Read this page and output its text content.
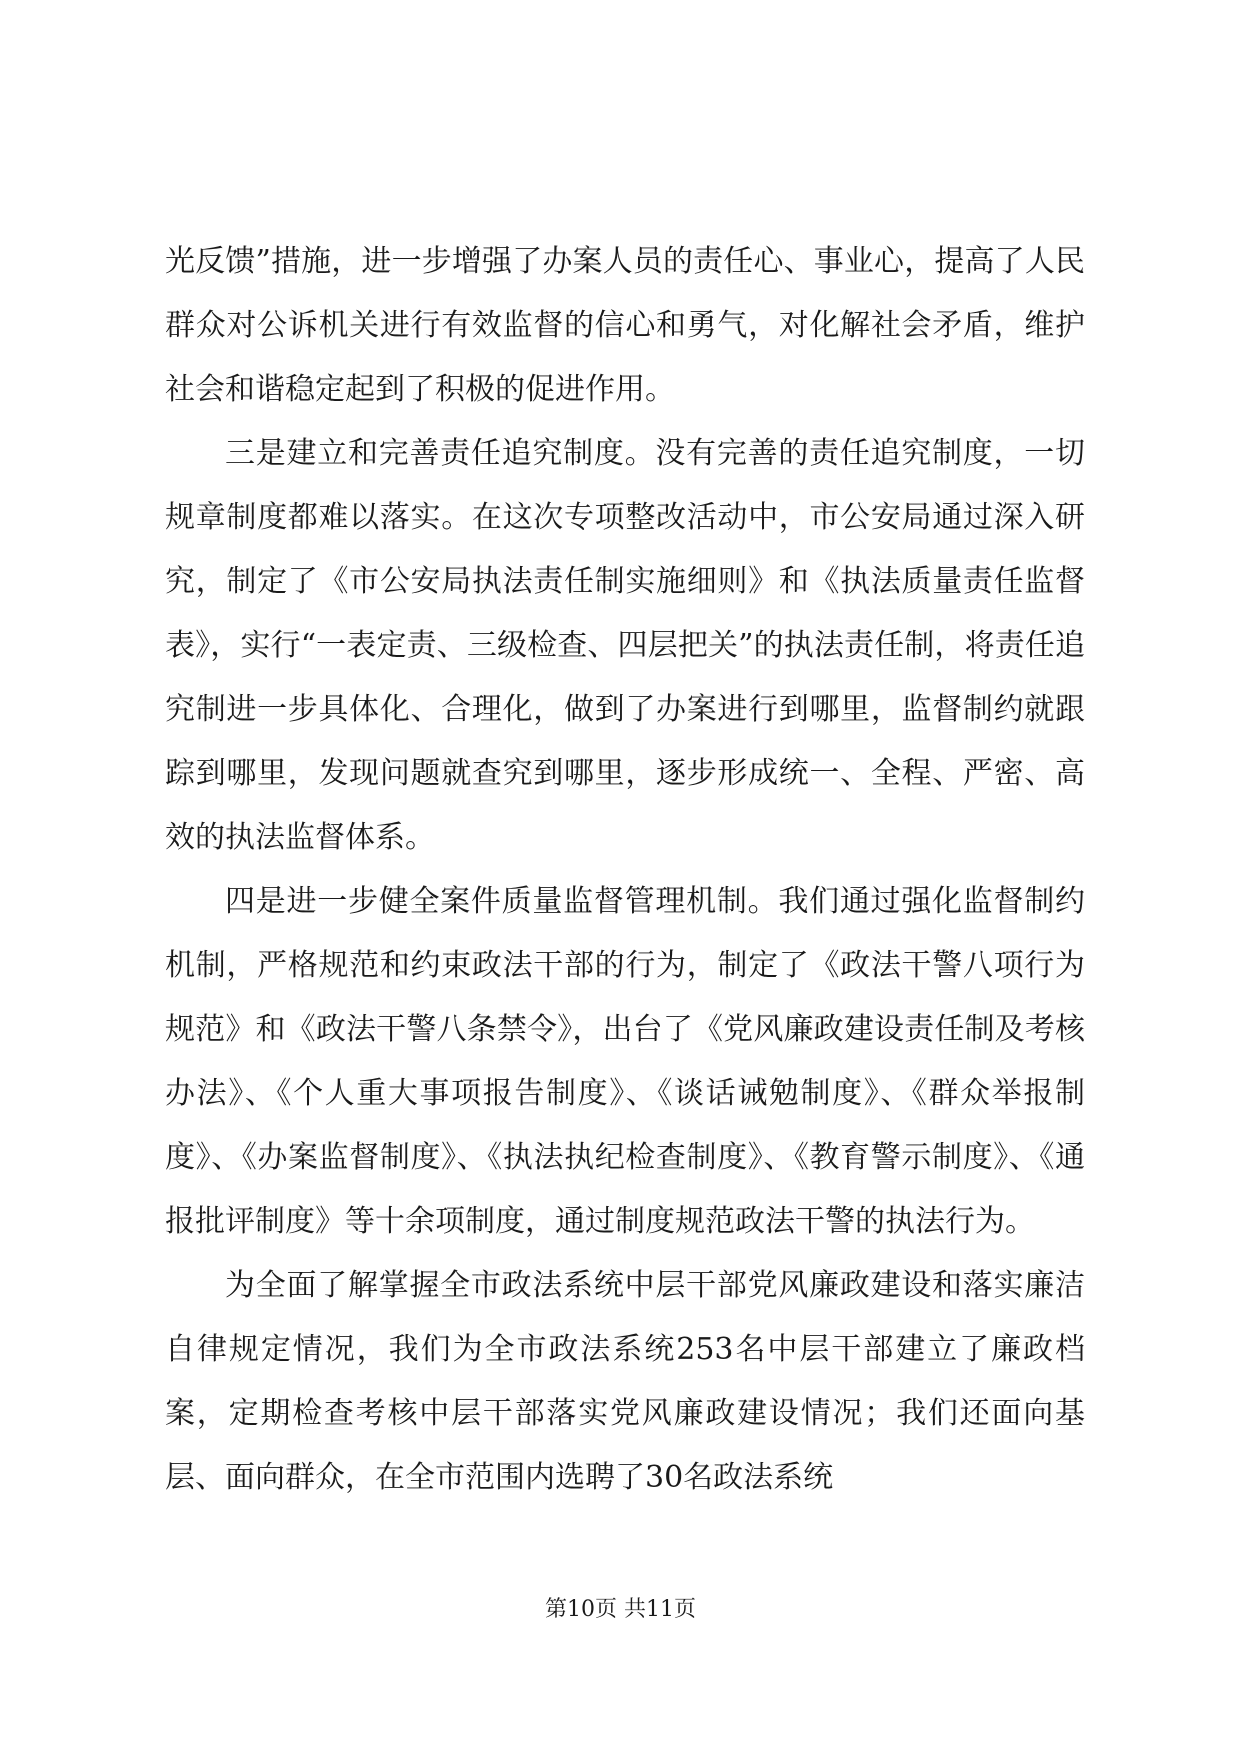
光反馈”措施，进一步增强了办案人员的责任心、事业心，提高了人民群众对公诉机关进行有效监督的信心和勇气，对化解社会矛盾，维护社会和谐稳定起到了积极的促进作用。

三是建立和完善责任追究制度。没有完善的责任追究制度，一切规章制度都难以落实。在这次专项整改活动中，市公安局通过深入研究，制定了《市公安局执法责任制实施细则》和《执法质量责任监督表》，实行“一表定责、三级检查、四层把关”的执法责任制，将责任追究制进一步具体化、合理化，做到了办案进行到哪里，监督制约就跟踪到哪里，发现问题就查究到哪里，逐步形成统一、全程、严密、高效的执法监督体系。

四是进一步健全案件质量监督管理机制。我们通过强化监督制约机制，严格规范和约束政法干部的行为，制定了《政法干警八项行为规范》和《政法干警八条禁令》，出台了《党风廉政建设责任制及考核办法》、《个人重大事项报告制度》、《谈话诫勉制度》、《群众举报制度》、《办案监督制度》、《执法执纪检查制度》、《教育警示制度》、《通报批评制度》等十余项制度，通过制度规范政法干警的执法行为。

为全面了解掌握全市政法系统中层干部党风廉政建设和落实廉洁自律规定情况，我们为全市政法系统253名中层干部建立了廉政档案，定期检查考核中层干部落实党风廉政建设情况；我们还面向基层、面向群众，在全市范围内选聘了30名政法系统

第10页 共11页
